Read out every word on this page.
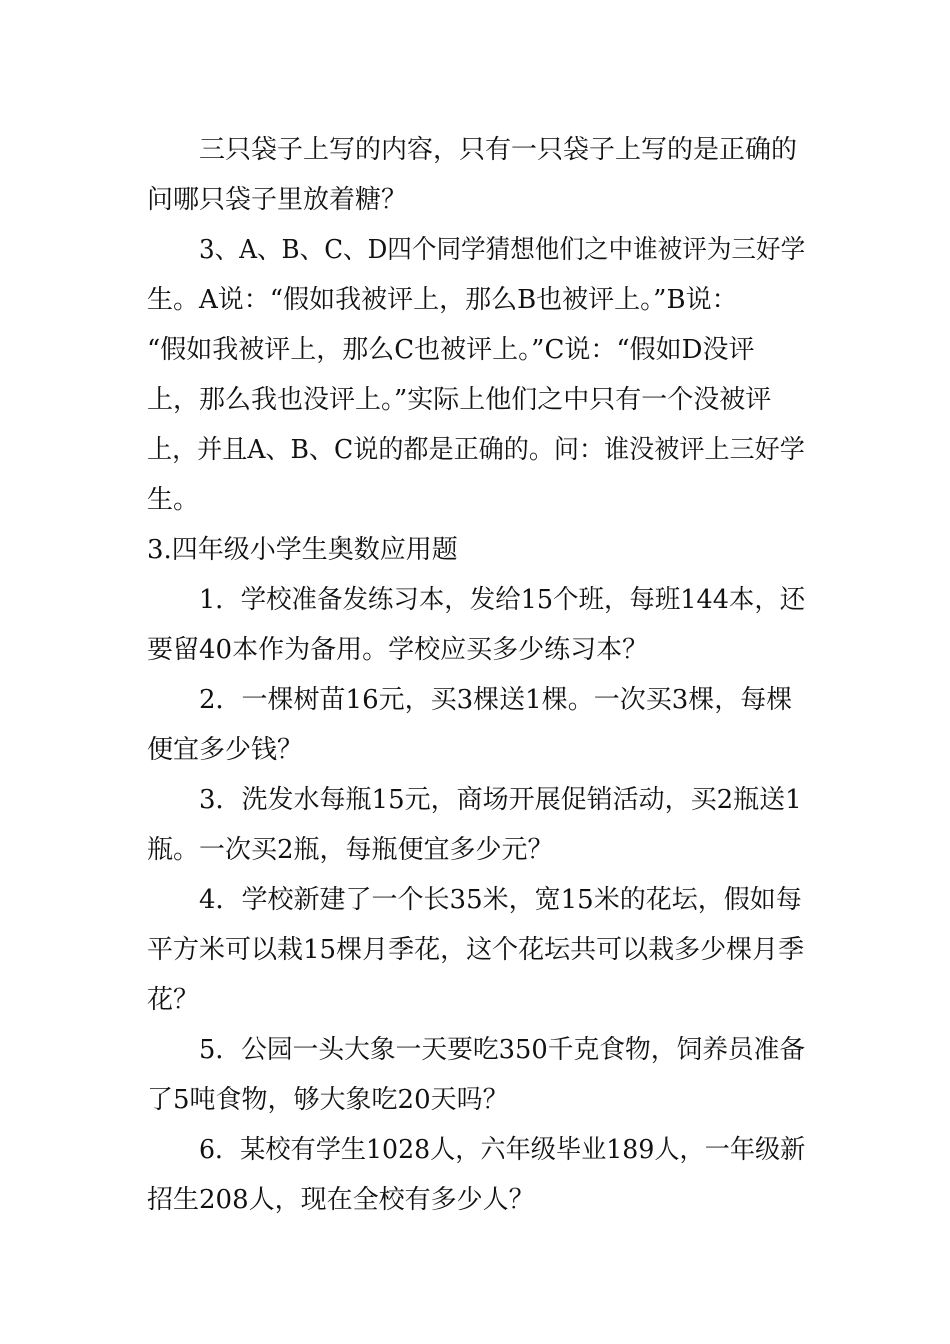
三只袋子上写的内容，只有一只袋子上写的是正确的
问哪只袋子里放着糖？
3、A、B、C、D四个同学猜想他们之中谁被评为三好学
生。A说：“假如我被评上，那么B也被评上。”B说：
“假如我被评上，那么C也被评上。”C说：“假如D没评
上，那么我也没评上。”实际上他们之中只有一个没被评
上，并且A、B、C说的都是正确的。问：谁没被评上三好学
生。
3.四年级小学生奥数应用题
1．学校准备发练习本，发给15个班，每班144本，还
要留40本作为备用。学校应买多少练习本？
2．一棵树苗16元，买3棵送1棵。一次买3棵，每棵
便宜多少钱？
3．洗发水每瓶15元，商场开展促销活动，买2瓶送1
瓶。一次买2瓶，每瓶便宜多少元？
4．学校新建了一个长35米，宽15米的花坛，假如每
平方米可以栽15棵月季花，这个花坛共可以栽多少棵月季
花？
5．公园一头大象一天要吃350千克食物，饲养员准备
了5吨食物，够大象吃20天吗？
6．某校有学生1028人，六年级毕业189人，一年级新
招生208人，现在全校有多少人？
